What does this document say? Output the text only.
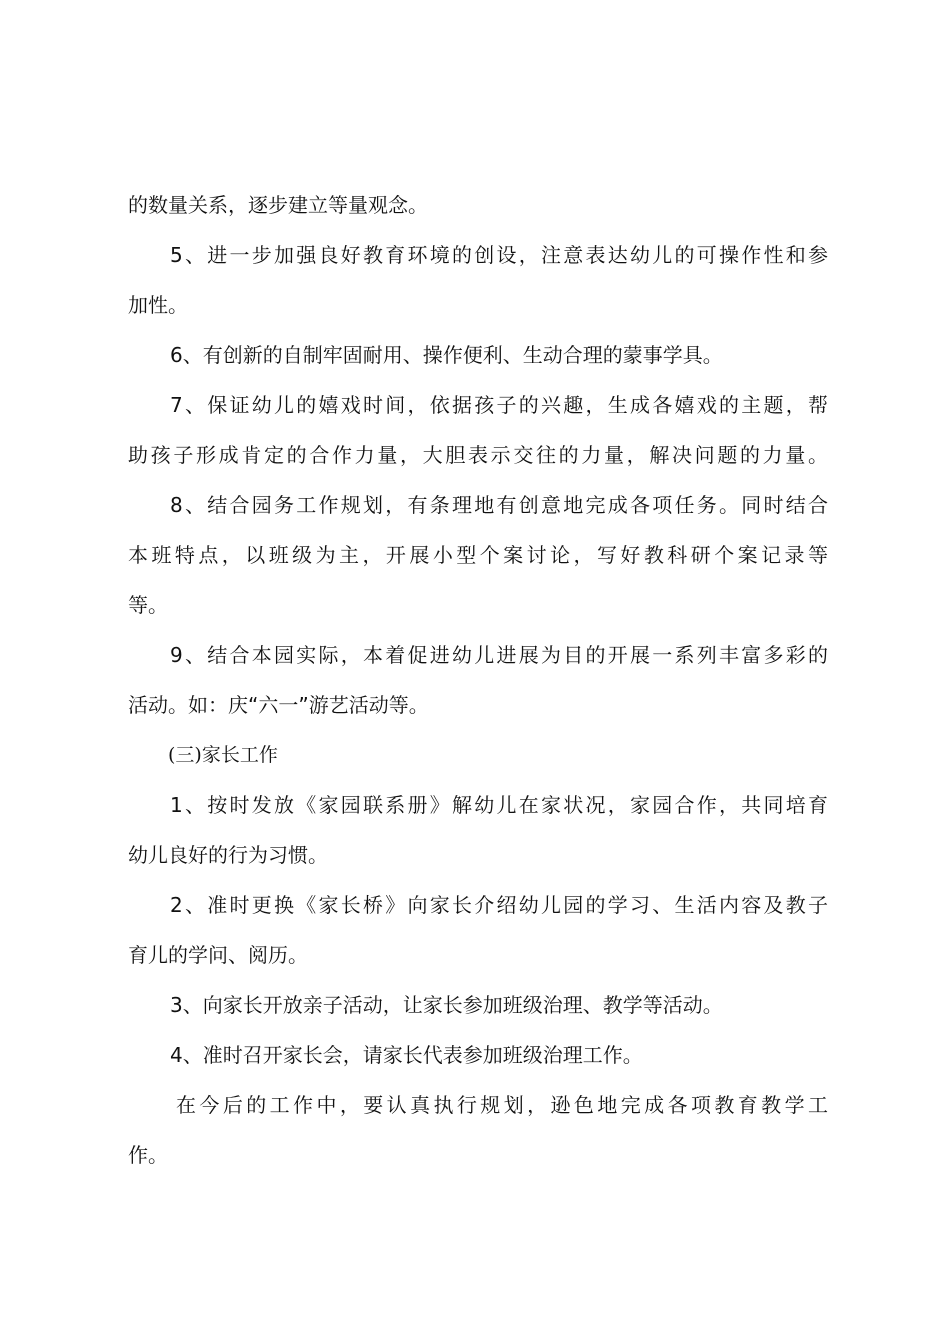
的数量关系，逐步建立等量观念。
5、进一步加强良好教育环境的创设，注意表达幼儿的可操作性和参
加性。
6、有创新的自制牢固耐用、操作便利、生动合理的蒙事学具。
7、保证幼儿的嬉戏时间，依据孩子的兴趣，生成各嬉戏的主题，帮
助孩子形成肯定的合作力量，大胆表示交往的力量，解决问题的力量。
8、结合园务工作规划，有条理地有创意地完成各项任务。同时结合
本班特点，以班级为主，开展小型个案讨论，写好教科研个案记录等
等。
9、结合本园实际，本着促进幼儿进展为目的开展一系列丰富多彩的
活动。如：庆“六一”游艺活动等。
(三)家长工作
1、按时发放《家园联系册》解幼儿在家状况，家园合作，共同培育
幼儿良好的行为习惯。
2、准时更换《家长桥》向家长介绍幼儿园的学习、生活内容及教子
育儿的学问、阅历。
3、向家长开放亲子活动，让家长参加班级治理、教学等活动。
4、准时召开家长会，请家长代表参加班级治理工作。
在今后的工作中，要认真执行规划，逊色地完成各项教育教学工
作。
